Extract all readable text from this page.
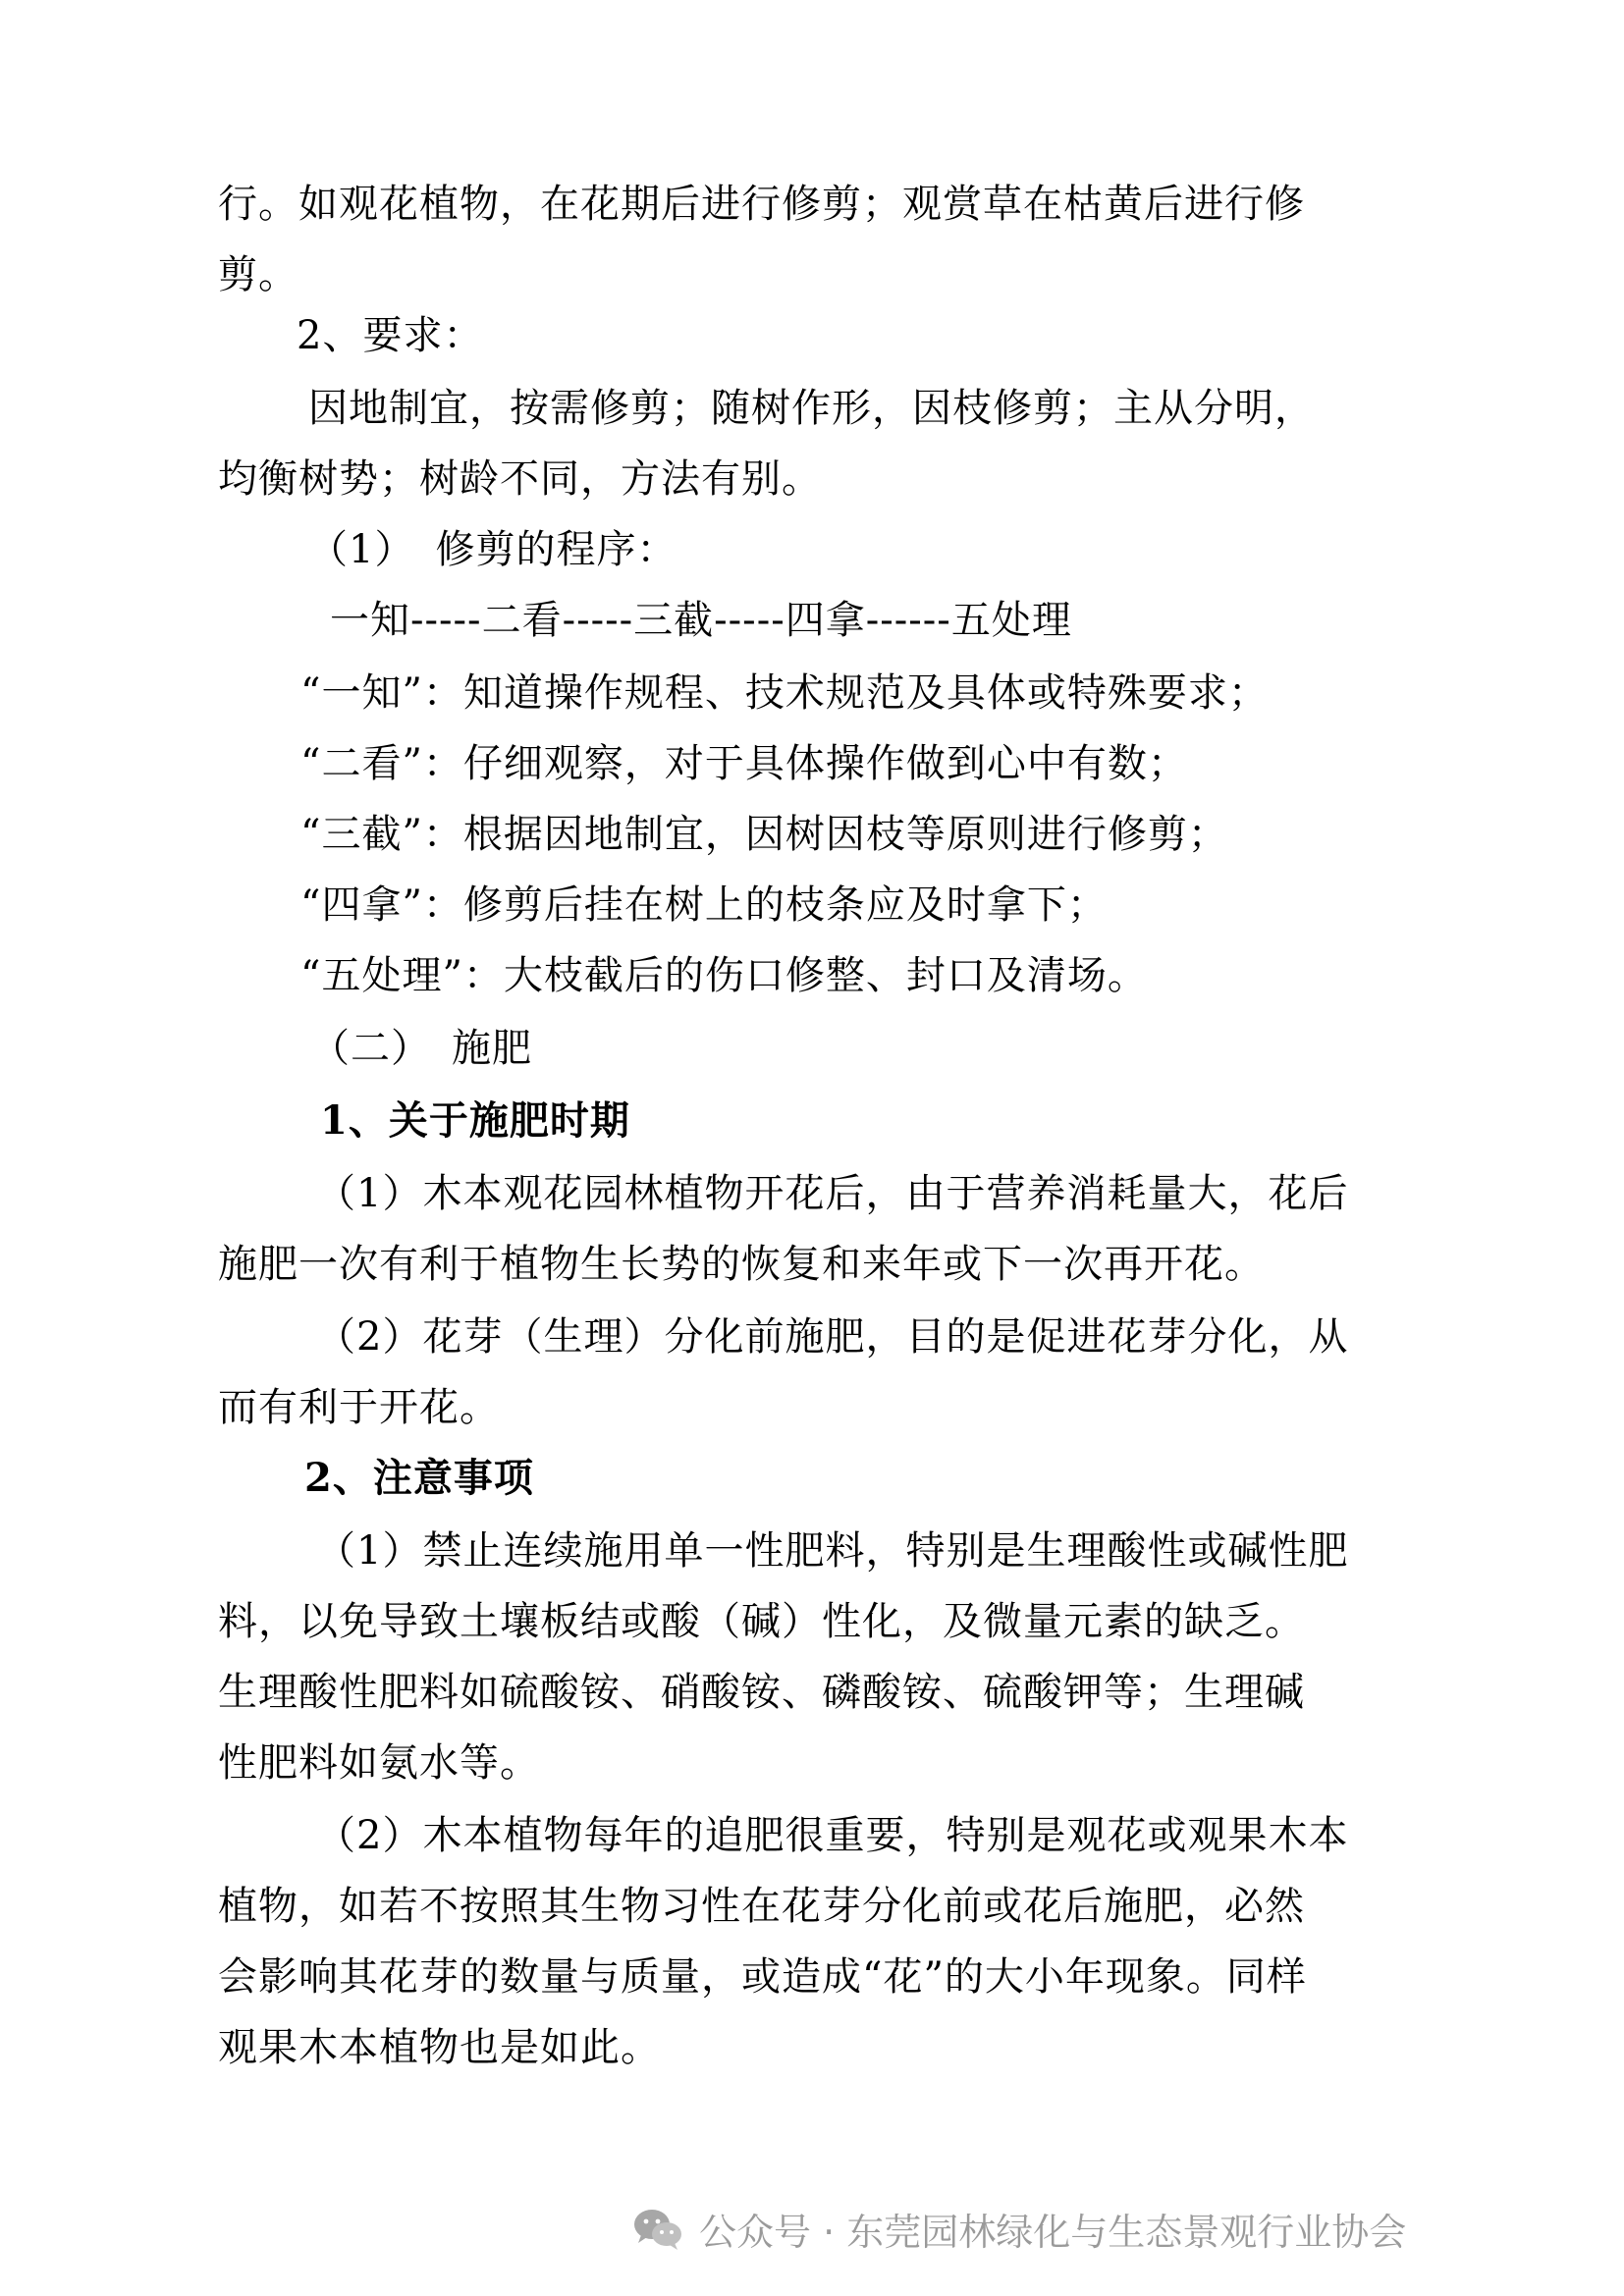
行。如观花植物，在花期后进行修剪；观赏草在枯黄后进行修
剪。
2、要求：
因地制宜，按需修剪；随树作形，因枝修剪；主从分明，
均衡树势；树龄不同，方法有别。
（1）　修剪的程序：
一知-----二看-----三截-----四拿------五处理
“一知”：知道操作规程、技术规范及具体或特殊要求；
“二看”：仔细观察，对于具体操作做到心中有数；
“三截”：根据因地制宜，因树因枝等原则进行修剪；
“四拿”：修剪后挂在树上的枝条应及时拿下；
“五处理”：大枝截后的伤口修整、封口及清场。
（二）　施肥
1、关于施肥时期
（1）木本观花园林植物开花后，由于营养消耗量大，花后
施肥一次有利于植物生长势的恢复和来年或下一次再开花。
（2）花芽（生理）分化前施肥，目的是促进花芽分化，从
而有利于开花。
2、注意事项
（1）禁止连续施用单一性肥料，特别是生理酸性或碱性肥
料，以免导致土壤板结或酸（碱）性化，及微量元素的缺乏。
生理酸性肥料如硫酸铵、硝酸铵、磷酸铵、硫酸钾等；生理碱
性肥料如氨水等。
（2）木本植物每年的追肥很重要，特别是观花或观果木本
植物，如若不按照其生物习性在花芽分化前或花后施肥，必然
会影响其花芽的数量与质量，或造成“花”的大小年现象。同样
观果木本植物也是如此。
公众号 · 东莞园林绿化与生态景观行业协会
